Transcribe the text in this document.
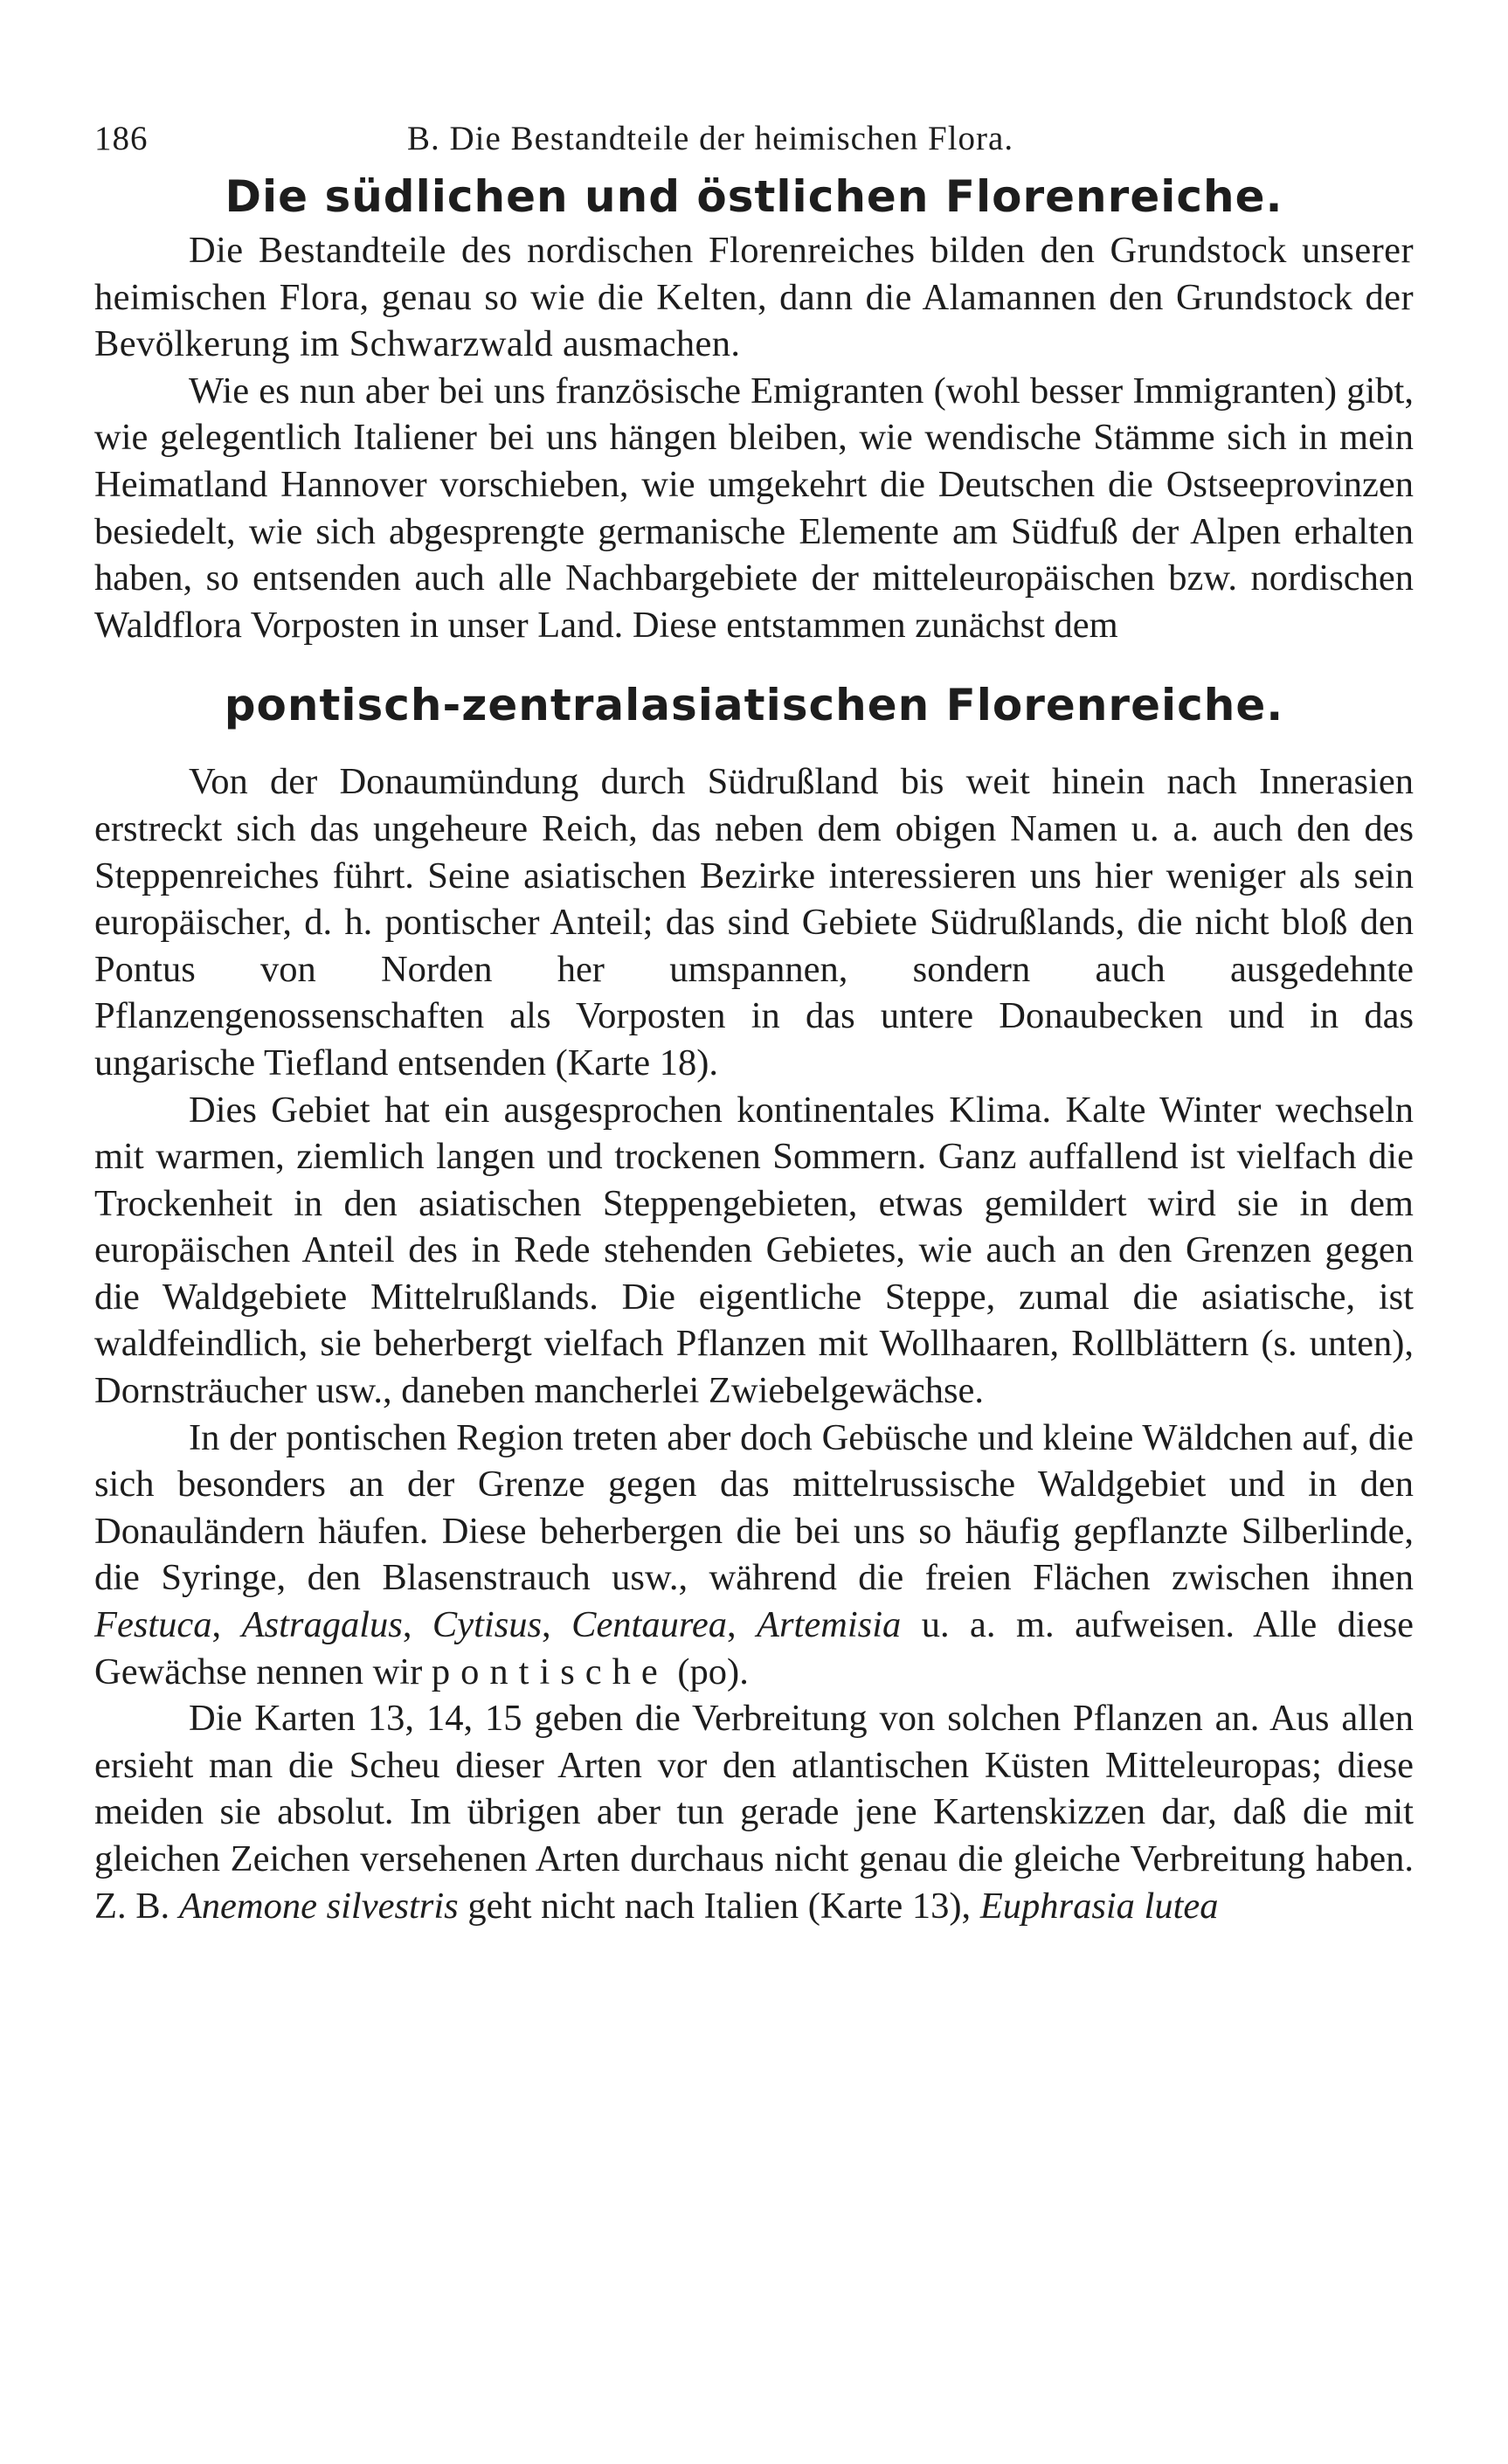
186	B. Die Bestandteile der heimischen Flora.
Die südlichen und östlichen Florenreiche.

Die Bestandteile des nordischen Florenreiches bilden den Grundstock unserer heimischen Flora, genau so wie die Kelten, dann die Alamannen den Grundstock der Bevölkerung im Schwarzwald ausmachen.

Wie es nun aber bei uns französische Emigranten (wohl besser Immigranten) gibt, wie gelegentlich Italiener bei uns hängen bleiben, wie wendische Stämme sich in mein Heimatland Hannover vorschieben, wie umgekehrt die Deutschen die Ostseeprovinzen besiedelt, wie sich abgesprengte germanische Elemente am Südfuß der Alpen erhalten haben, so entsenden auch alle Nachbargebiete der mitteleuropäischen bzw. nordischen Waldflora Vorposten in unser Land. Diese entstammen zunächst dem

pontisch-zentralasiatischen Florenreiche.

Von der Donaumündung durch Südrußland bis weit hinein nach Innerasien erstreckt sich das ungeheure Reich, das neben dem obigen Namen u. a. auch den des Steppenreiches führt. Seine asiatischen Bezirke interessieren uns hier weniger als sein europäischer, d. h. pontischer Anteil; das sind Gebiete Südrußlands, die nicht bloß den Pontus von Norden her umspannen, sondern auch ausgedehnte Pflanzengenossenschaften als Vorposten in das untere Donaubecken und in das ungarische Tiefland entsenden (Karte 18).

Dies Gebiet hat ein ausgesprochen kontinentales Klima. Kalte Winter wechseln mit warmen, ziemlich langen und trockenen Sommern. Ganz auffallend ist vielfach die Trockenheit in den asiatischen Steppengebieten, etwas gemildert wird sie in dem europäischen Anteil des in Rede stehenden Gebietes, wie auch an den Grenzen gegen die Waldgebiete Mittelrußlands. Die eigentliche Steppe, zumal die asiatische, ist waldfeindlich, sie beherbergt vielfach Pflanzen mit Wollhaaren, Rollblättern (s. unten), Dornsträucher usw., daneben mancherlei Zwiebelgewächse.

In der pontischen Region treten aber doch Gebüsche und kleine Wäldchen auf, die sich besonders an der Grenze gegen das mittelrussische Waldgebiet und in den Donauländern häufen. Diese beherbergen die bei uns so häufig gepflanzte Silberlinde, die Syringe, den Blasenstrauch usw., während die freien Flächen zwischen ihnen Festuca, Astragalus, Cytisus, Centaurea, Artemisia u. a. m. aufweisen. Alle diese Gewächse nennen wir pontische (po).

Die Karten 13, 14, 15 geben die Verbreitung von solchen Pflanzen an. Aus allen ersieht man die Scheu dieser Arten vor den atlantischen Küsten Mitteleuropas; diese meiden sie absolut. Im übrigen aber tun gerade jene Kartenskizzen dar, daß die mit gleichen Zeichen versehenen Arten durchaus nicht genau die gleiche Verbreitung haben. Z. B. Anemone silvestris geht nicht nach Italien (Karte 13), Euphrasia lutea
